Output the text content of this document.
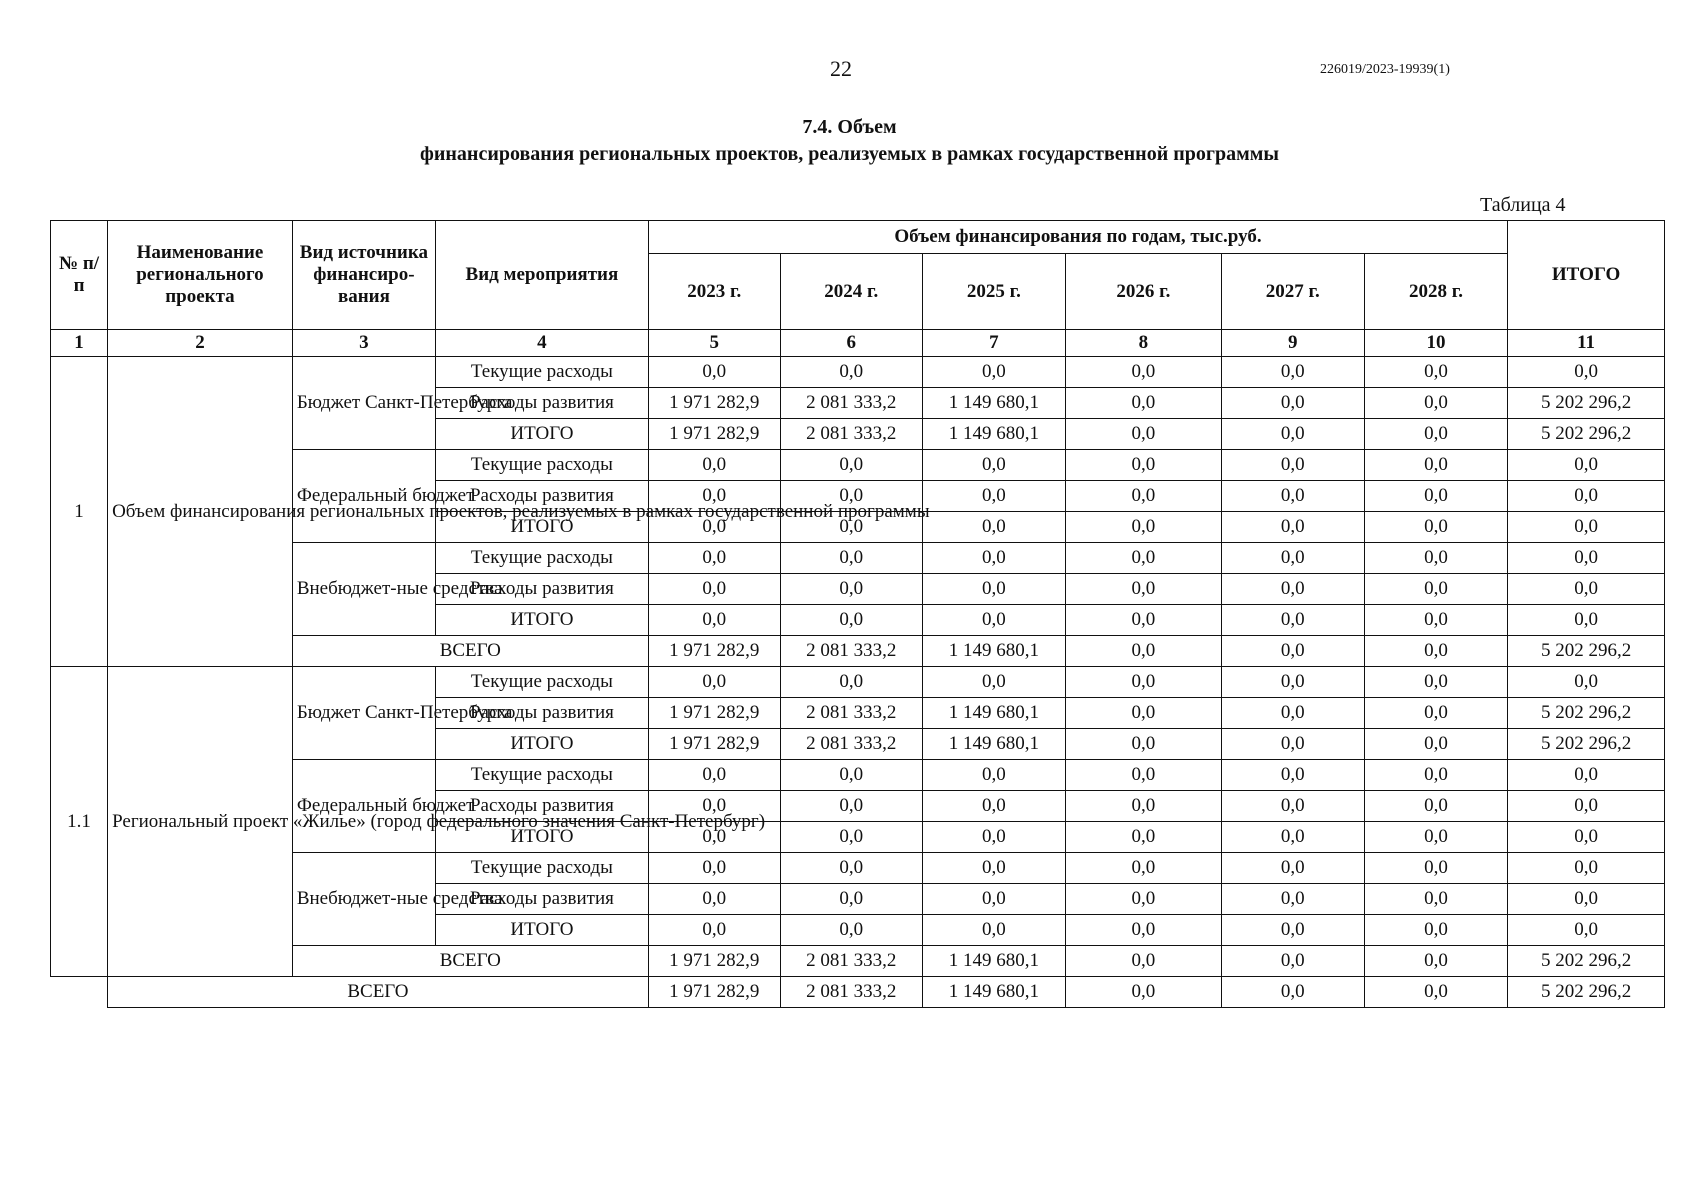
22	226019/2023-19939(1)
7.4. Объем
финансирования региональных проектов, реализуемых в рамках государственной программы
Таблица 4
№ п/п	Наименование регионального проекта	Вид источника финансиро- вания	Вид мероприятия	Объем финансирования по годам, тыс.руб.						ИТОГО
				2023 г.	2024 г.	2025 г.	2026 г.	2027 г.	2028 г.	
1	2	3	4	5	6	7	8	9	10	11
1	Объем финансирования региональных проектов, реализуемых в рамках государственной программы	Бюджет Санкт-Петербурга	Текущие расходы	0,0	0,0	0,0	0,0	0,0	0,0	0,0
			Расходы развития	1 971 282,9	2 081 333,2	1 149 680,1	0,0	0,0	0,0	5 202 296,2
			ИТОГО	1 971 282,9	2 081 333,2	1 149 680,1	0,0	0,0	0,0	5 202 296,2
		Федеральный бюджет	Текущие расходы	0,0	0,0	0,0	0,0	0,0	0,0	0,0
			Расходы развития	0,0	0,0	0,0	0,0	0,0	0,0	0,0
			ИТОГО	0,0	0,0	0,0	0,0	0,0	0,0	0,0
		Внебюджет-ные средства	Текущие расходы	0,0	0,0	0,0	0,0	0,0	0,0	0,0
			Расходы развития	0,0	0,0	0,0	0,0	0,0	0,0	0,0
			ИТОГО	0,0	0,0	0,0	0,0	0,0	0,0	0,0
		ВСЕГО		1 971 282,9	2 081 333,2	1 149 680,1	0,0	0,0	0,0	5 202 296,2
1.1	Региональный проект «Жилье» (город федерального значения Санкт-Петербург)	Бюджет Санкт-Петербурга	Текущие расходы	0,0	0,0	0,0	0,0	0,0	0,0	0,0
			Расходы развития	1 971 282,9	2 081 333,2	1 149 680,1	0,0	0,0	0,0	5 202 296,2
			ИТОГО	1 971 282,9	2 081 333,2	1 149 680,1	0,0	0,0	0,0	5 202 296,2
		Федеральный бюджет	Текущие расходы	0,0	0,0	0,0	0,0	0,0	0,0	0,0
			Расходы развития	0,0	0,0	0,0	0,0	0,0	0,0	0,0
			ИТОГО	0,0	0,0	0,0	0,0	0,0	0,0	0,0
		Внебюджет-ные средства	Текущие расходы	0,0	0,0	0,0	0,0	0,0	0,0	0,0
			Расходы развития	0,0	0,0	0,0	0,0	0,0	0,0	0,0
			ИТОГО	0,0	0,0	0,0	0,0	0,0	0,0	0,0
		ВСЕГО		1 971 282,9	2 081 333,2	1 149 680,1	0,0	0,0	0,0	5 202 296,2
	ВСЕГО			1 971 282,9	2 081 333,2	1 149 680,1	0,0	0,0	0,0	5 202 296,2
